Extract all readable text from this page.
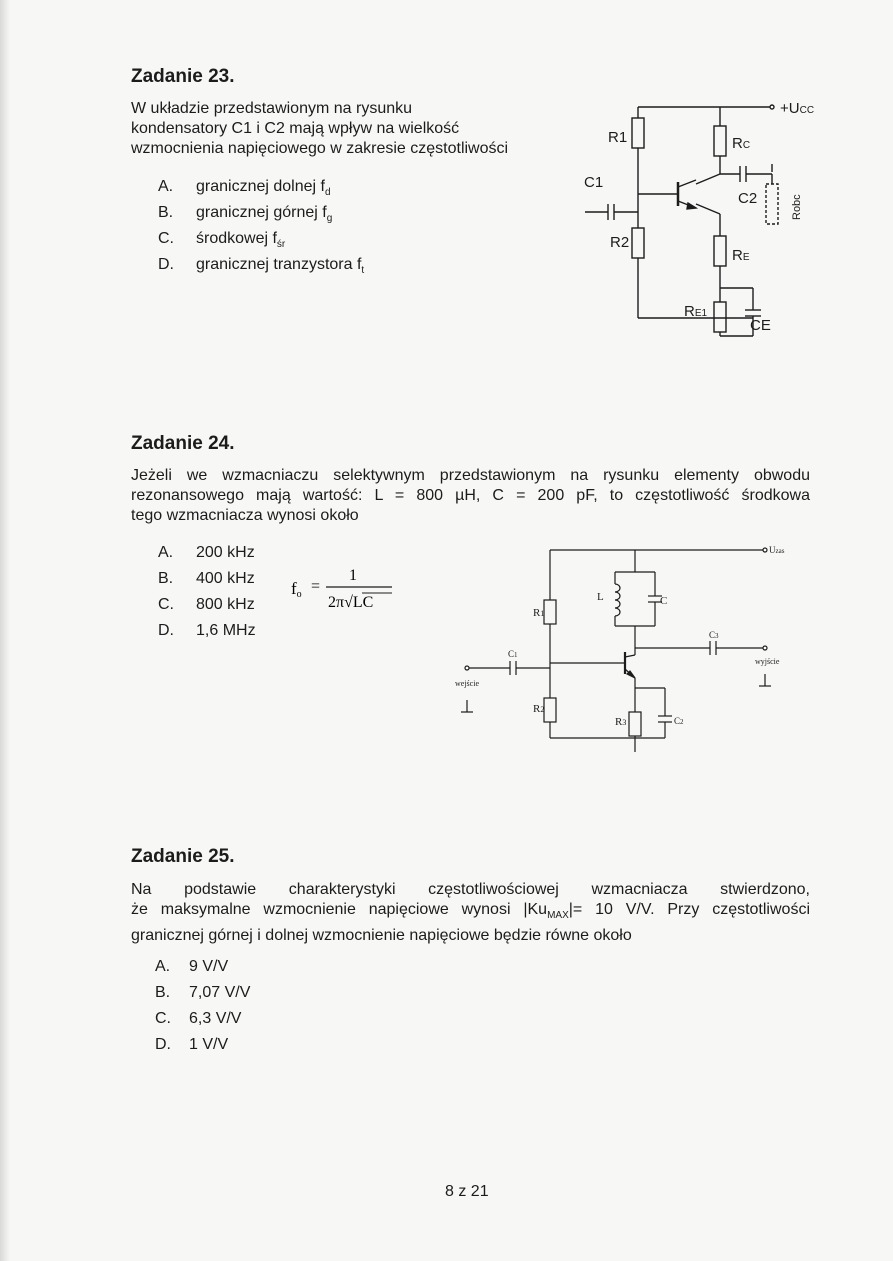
Zadanie 23.

W układzie przedstawionym na rysunku
kondensatory C1 i C2 mają wpływ na wielkość
wzmocnienia napięciowego w zakresie częstotliwości

A. granicznej dolnej $f_d$
B. granicznej górnej $f_g$
C. środkowej $f_{śr}$
D. granicznej tranzystora $f_t$
+UCC
R1
R2
RC
RE
RE1
C1
C2
CE
Robc
Zadanie 24.

Jeżeli we wzmacniaczu selektywnym przedstawionym na rysunku elementy obwodu
rezonansowego mają wartość: L = 800 µH, C = 200 pF, to częstotliwość środkowa
tego wzmacniacza wynosi około

A. 200 kHz
B. 400 kHz
C. 800 kHz
D. 1,6 MHz
fo =
1
2π√LC
Uzas
L	C
R1
R2
R3
C1
C2
C3
wejście
wyjście
Zadanie 25.

Na podstawie charakterystyki częstotliwościowej wzmacniacza stwierdzono,
że maksymalne wzmocnienie napięciowe wynosi $|Ku_{MAX}|= 10$ V/V. Przy częstotliwości
granicznej górnej i dolnej wzmocnienie napięciowe będzie równe około

A. 9 V/V
B. 7,07 V/V
C. 6,3 V/V
D. 1 V/V
8 z 21
